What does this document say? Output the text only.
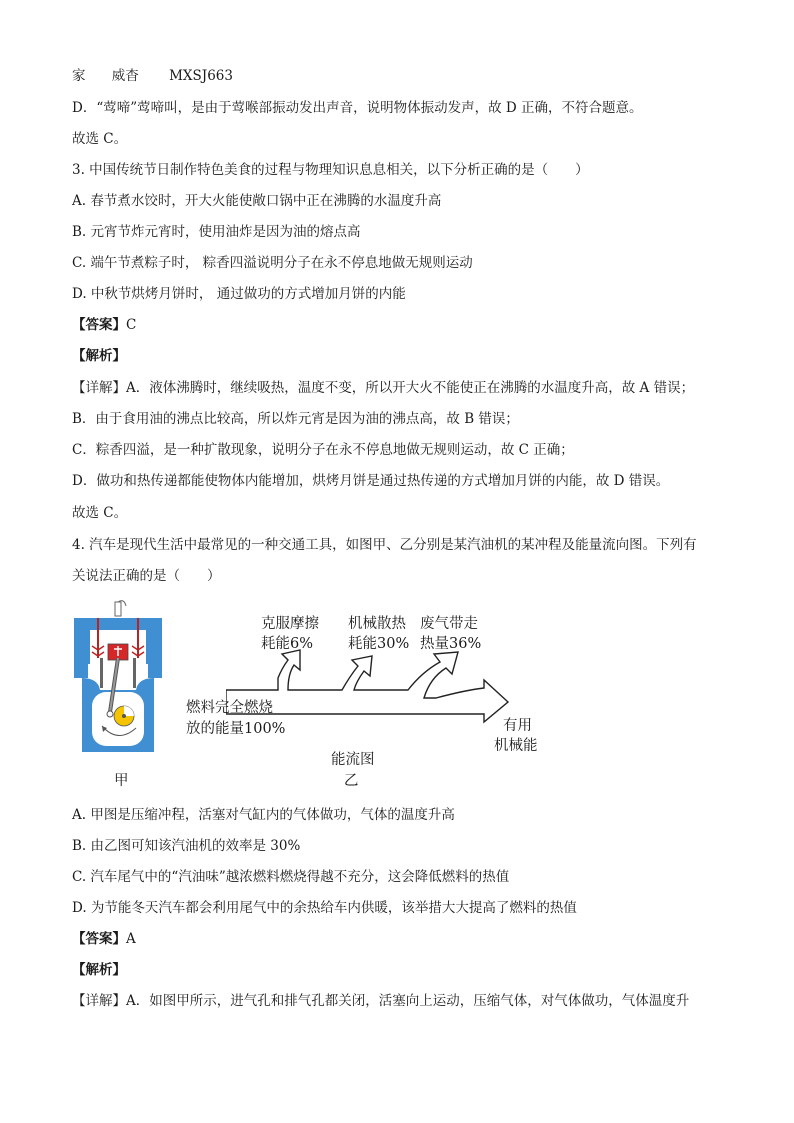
家 威杳 MXSJ663
D．“莺啼”莺啼叫，是由于莺喉部振动发出声音，说明物体振动发声，故 D 正确，不符合题意。
故选 C。
3. 中国传统节日制作特色美食的过程与物理知识息息相关，以下分析正确的是（　　）
A. 春节煮水饺时，开大火能使敞口锅中正在沸腾的水温度升高
B. 元宵节炸元宵时，使用油炸是因为油的熔点高
C. 端午节煮粽子时， 粽香四溢说明分子在永不停息地做无规则运动
D. 中秋节烘烤月饼时， 通过做功的方式增加月饼的内能
【答案】C
【解析】
【详解】A．液体沸腾时，继续吸热，温度不变，所以开大火不能使正在沸腾的水温度升高，故 A 错误；
B．由于食用油的沸点比较高，所以炸元宵是因为油的沸点高，故 B 错误；
C．粽香四溢，是一种扩散现象，说明分子在永不停息地做无规则运动，故 C 正确；
D．做功和热传递都能使物体内能增加，烘烤月饼是通过热传递的方式增加月饼的内能，故 D 错误。
故选 C。
4. 汽车是现代生活中最常见的一种交通工具，如图甲、乙分别是某汽油机的某冲程及能量流向图。下列有
关说法正确的是（　　）
甲
克服摩擦
耗能6%
机械散热
耗能30%
废气带走
热量36%
燃料完全燃烧
放的能量100%	有用
机械能
能流图
乙
A. 甲图是压缩冲程，活塞对气缸内的气体做功，气体的温度升高
B. 由乙图可知该汽油机的效率是 30%
C. 汽车尾气中的“汽油味”越浓燃料燃烧得越不充分，这会降低燃料的热值
D. 为节能冬天汽车都会利用尾气中的余热给车内供暖，该举措大大提高了燃料的热值
【答案】A
【解析】
【详解】A．如图甲所示，进气孔和排气孔都关闭，活塞向上运动，压缩气体，对气体做功，气体温度升
